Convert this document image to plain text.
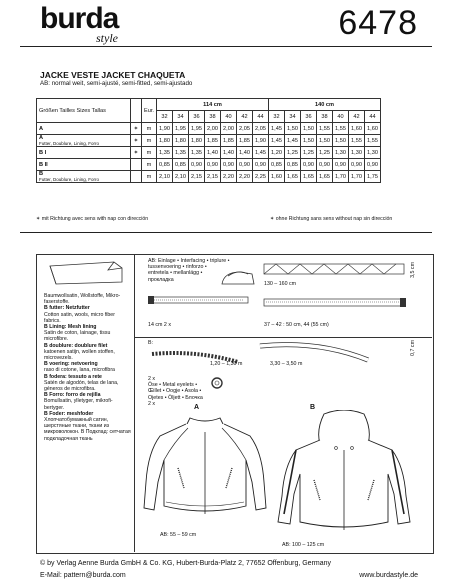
burda
style	6478
JACKE VESTE JACKET CHAQUETA
AB: normal weit, semi-ajusté, semi-fitted, semi-ajustado
Größen Tailles Sizes Tallas		Eur.	114 cm							140 cm						
			32	34	36	38	40	42	44	32	34	36	38	40	42	44
A	✶	m	1,90	1,95	1,95	2,00	2,00	2,05	2,05	1,45	1,50	1,50	1,55	1,55	1,60	1,60
A
Futter, Doublure, Lining, Forro	✶	m	1,80	1,80	1,80	1,85	1,85	1,85	1,90	1,45	1,45	1,50	1,50	1,50	1,55	1,55
B I	✶	m	1,35	1,35	1,35	1,40	1,40	1,40	1,45	1,20	1,25	1,25	1,25	1,30	1,30	1,30
B II		m	0,85	0,85	0,90	0,90	0,90	0,90	0,90	0,85	0,85	0,90	0,90	0,90	0,90	0,90
B
Futter, Doublure, Lining, Forro		m	2,10	2,10	2,15	2,15	2,20	2,20	2,25	1,60	1,65	1,65	1,65	1,70	1,70	1,75
✶ mit Richtung avec sens with nap con dirección	✶ ohne Richtung sans sens without nap sin dirección
Baumwollsatin, Wollstoffe, Mikro-faserstoffe.
B futter: Netzfutter
Cotton satin, wools, micro fiber fabrics.
B Lining: Mesh lining
Satin de coton, lainage, tissu microfibre.
B doublure: doublure filet
katoenen satijn, wollen stoffen, microvezels.
B voering: netvoering
raso di cotone, lana, microfibra
B fodera: tessuto a rete
Satén de algodón, telas de lana, géneros de microfibra.
B Forro: forro de rejilla
Bomullsatin, ylletyger, mikrofi-bertyger.
B Foder: meshfoder
Хлопчатобумажный сатин, шерстяные ткани, ткани из микроволокон. В Подклад: сетчатая подкладочная ткань
AB: Einlage • Interfacing • triplure •
tussenvoering • rinforzo •
entretela • mellanlägg •
прокладка
14 cm 2 x
130 – 160 cm
3,5 cm
37 – 42 : 50 cm, 44 (55 cm)
B:
1,20 – 1,30 m	3,30 – 3,50 m
0,7 cm
2 x
Öse • Metal eyelets •
Œillet • Oogje • Asola •
Ojetes • Öljett • Блочка
2 x
A	B
AB: 55 – 59 cm
AB: 100 – 125 cm
© by Verlag Aenne Burda GmbH & Co. KG, Hubert-Burda-Platz 2, 77652 Offenburg, Germany
E-Mail: pattern@burda.com	www.burdastyle.de
